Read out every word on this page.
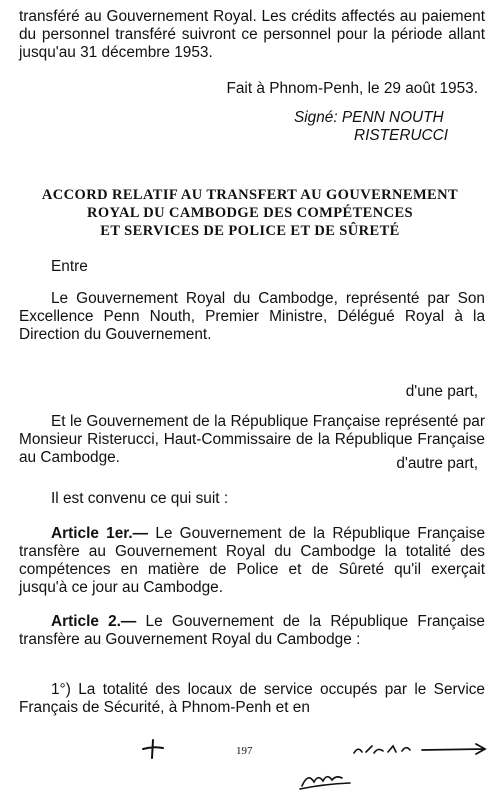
transféré au Gouvernement Royal. Les crédits affectés au paiement du personnel transféré suivront ce personnel pour la période allant jusqu'au 31 décembre 1953.

Fait à Phnom-Penh, le 29 août 1953.
Signé: PENN NOUTH
RISTERUCCI
ACCORD RELATIF AU TRANSFERT AU GOUVERNEMENT
ROYAL DU CAMBODGE DES COMPÉTENCES
ET SERVICES DE POLICE ET DE SÛRETÉ

Entre

Le Gouvernement Royal du Cambodge, représenté par Son Excellence Penn Nouth, Premier Ministre, Délégué Royal à la Direction du Gouvernement.

d'une part,

Et le Gouvernement de la République Française représenté par Monsieur Risterucci, Haut-Commissaire de la République Française au Cambodge.	d'autre part,

Il est convenu ce qui suit :

Article 1er.— Le Gouvernement de la République Française transfère au Gouvernement Royal du Cambodge la totalité des compétences en matière de Police et de Sûreté qu'il exerçait jusqu'à ce jour au Cambodge.

Article 2.— Le Gouvernement de la République Française transfère au Gouvernement Royal du Cambodge :

1°) La totalité des locaux de service occupés par le Service Français de Sécurité, à Phnom-Penh et en

197
